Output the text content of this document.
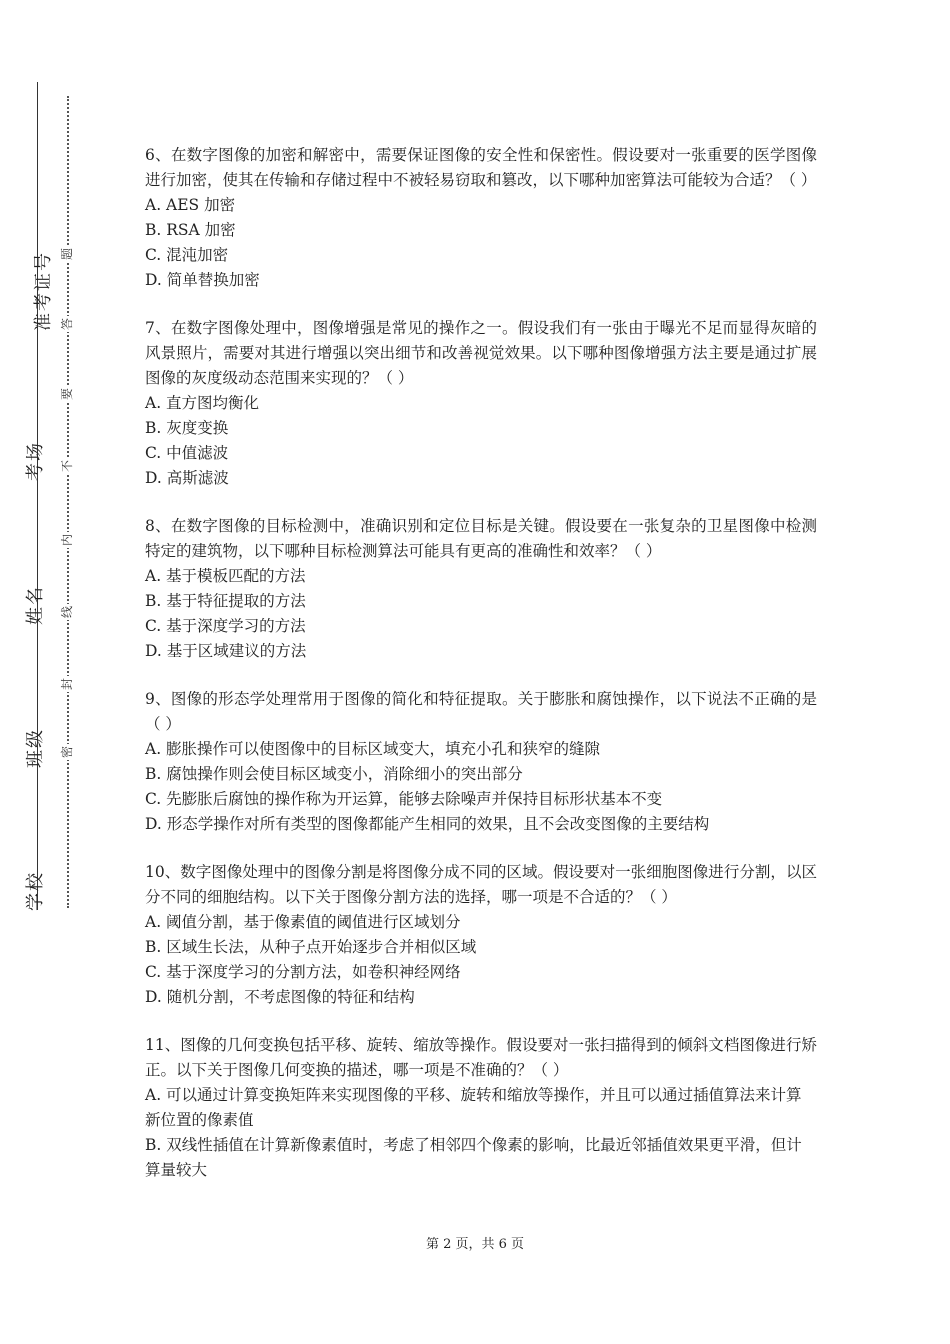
准考证号
考场
姓名
班级
学校
题
答
要
不
内
线
封
密

6、在数字图像的加密和解密中，需要保证图像的安全性和保密性。假设要对一张重要的医学图像进行加密，使其在传输和存储过程中不被轻易窃取和篡改，以下哪种加密算法可能较为合适？（ ）

A. AES 加密

B. RSA 加密

C. 混沌加密

D. 简单替换加密

7、在数字图像处理中，图像增强是常见的操作之一。假设我们有一张由于曝光不足而显得灰暗的风景照片，需要对其进行增强以突出细节和改善视觉效果。以下哪种图像增强方法主要是通过扩展图像的灰度级动态范围来实现的？（ ）

A. 直方图均衡化

B. 灰度变换

C. 中值滤波

D. 高斯滤波

8、在数字图像的目标检测中，准确识别和定位目标是关键。假设要在一张复杂的卫星图像中检测特定的建筑物，以下哪种目标检测算法可能具有更高的准确性和效率？（ ）

A. 基于模板匹配的方法

B. 基于特征提取的方法

C. 基于深度学习的方法

D. 基于区域建议的方法

9、图像的形态学处理常用于图像的简化和特征提取。关于膨胀和腐蚀操作，以下说法不正确的是（ ）

A. 膨胀操作可以使图像中的目标区域变大，填充小孔和狭窄的缝隙

B. 腐蚀操作则会使目标区域变小，消除细小的突出部分

C. 先膨胀后腐蚀的操作称为开运算，能够去除噪声并保持目标形状基本不变

D. 形态学操作对所有类型的图像都能产生相同的效果，且不会改变图像的主要结构

10、数字图像处理中的图像分割是将图像分成不同的区域。假设要对一张细胞图像进行分割，以区分不同的细胞结构。以下关于图像分割方法的选择，哪一项是不合适的？（ ）

A. 阈值分割，基于像素值的阈值进行区域划分

B. 区域生长法，从种子点开始逐步合并相似区域

C. 基于深度学习的分割方法，如卷积神经网络

D. 随机分割，不考虑图像的特征和结构

11、图像的几何变换包括平移、旋转、缩放等操作。假设要对一张扫描得到的倾斜文档图像进行矫正。以下关于图像几何变换的描述，哪一项是不准确的？（ ）

A. 可以通过计算变换矩阵来实现图像的平移、旋转和缩放等操作，并且可以通过插值算法来计算新位置的像素值

B. 双线性插值在计算新像素值时，考虑了相邻四个像素的影响，比最近邻插值效果更平滑，但计算量较大

第 2 页，共 6 页
